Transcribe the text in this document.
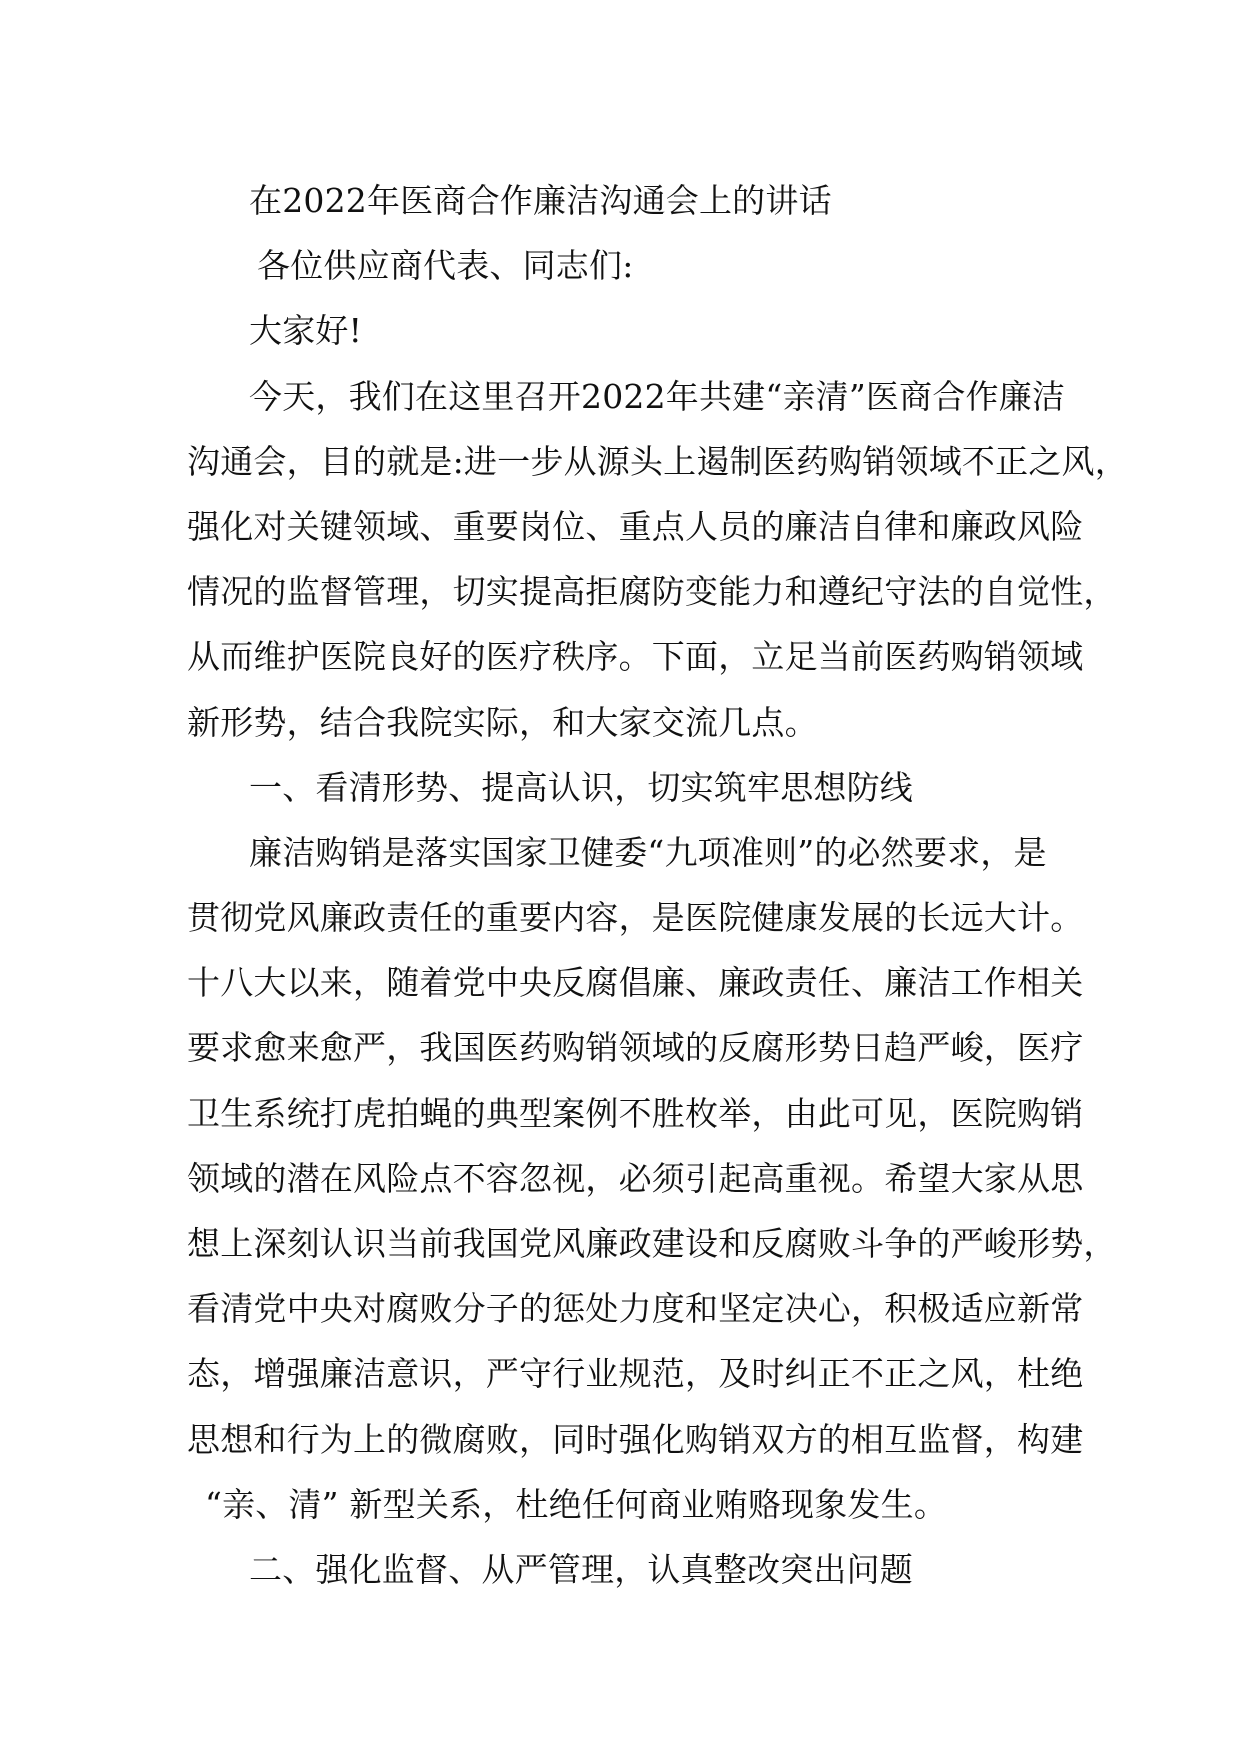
在2022年医商合作廉洁沟通会上的讲话
各位供应商代表、同志们:
大家好!
今天，我们在这里召开2022年共建“亲清”医商合作廉洁
沟通会，目的就是:进一步从源头上遏制医药购销领域不正之风，
强化对关键领域、重要岗位、重点人员的廉洁自律和廉政风险
情况的监督管理，切实提高拒腐防变能力和遵纪守法的自觉性，
从而维护医院良好的医疗秩序。下面，立足当前医药购销领域
新形势，结合我院实际，和大家交流几点。
一、看清形势、提高认识，切实筑牢思想防线
廉洁购销是落实国家卫健委“九项准则”的必然要求，是
贯彻党风廉政责任的重要内容，是医院健康发展的长远大计。
十八大以来，随着党中央反腐倡廉、廉政责任、廉洁工作相关
要求愈来愈严，我国医药购销领域的反腐形势日趋严峻，医疗
卫生系统打虎拍蝇的典型案例不胜枚举，由此可见，医院购销
领域的潜在风险点不容忽视，必须引起高重视。希望大家从思
想上深刻认识当前我国党风廉政建设和反腐败斗争的严峻形势，
看清党中央对腐败分子的惩处力度和坚定决心，积极适应新常
态，增强廉洁意识，严守行业规范，及时纠正不正之风，杜绝
思想和行为上的微腐败，同时强化购销双方的相互监督，构建
“亲、清” 新型关系，杜绝任何商业贿赂现象发生。
二、强化监督、从严管理，认真整改突出问题
